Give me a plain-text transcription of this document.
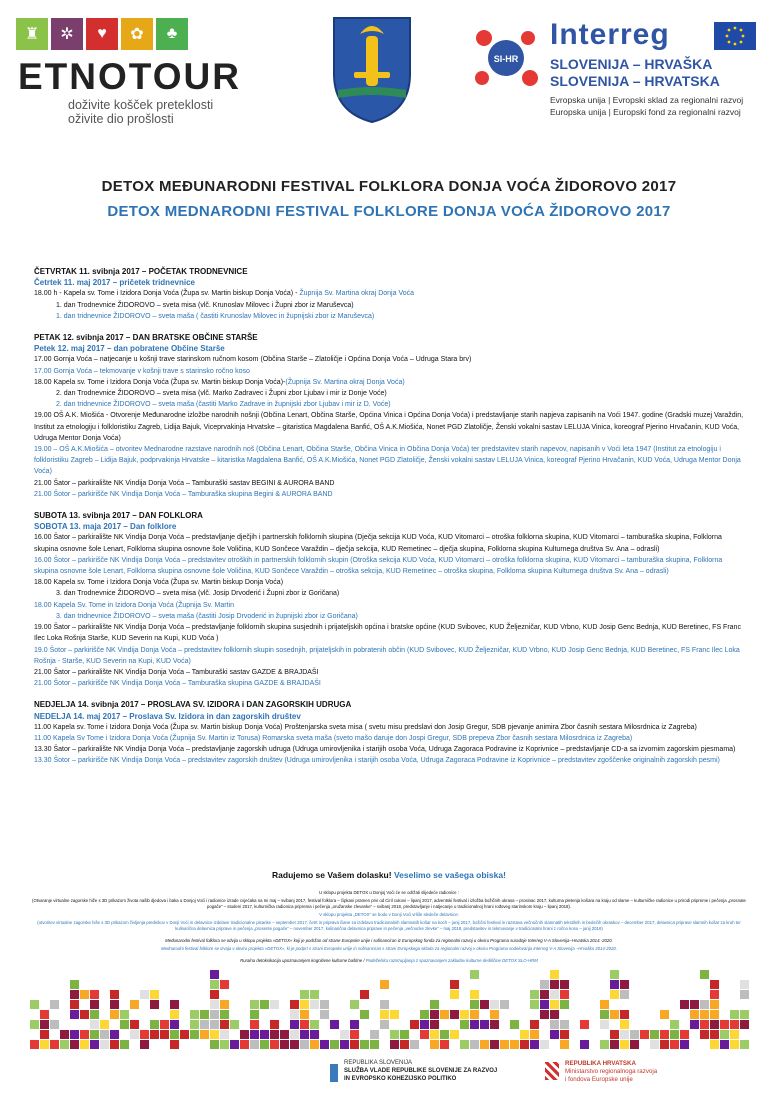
♜	✲	♥	✿	♣
ETNOTOUR
doživite košček preteklosti
oživite dio prošlosti
SI-HR
Interreg
SLOVENIJA – HRVAŠKA
SLOVENIJA – HRVATSKA
Evropska unija | Evropski sklad za regionalni razvoj
Europska unija | Europski fond za regionalni razvoj
DETOX MEĐUNARODNI FESTIVAL FOLKLORA DONJA VOĆA ŽIDOROVO 2017
DETOX MEDNARODNI FESTIVAL FOLKLORE DONJA VOĆA ŽIDOROVO 2017

ČETVRTAK 11. svibnja 2017 – POČETAK TRODNEVNICE

Četrtek 11. maj 2017 – pričetek tridnevnice

18.00 h - Kapela sv. Tome i Izidora Donja Voća (Župa sv. Martin biskup Donja Voća) - Župnija Sv. Martina okraj Donja Voća

1. dan Trodnevnice ŽIDOROVO – sveta misa (vlč. Krunoslav Milovec i Župni zbor iz Maruševca)

1. dan tridnevnice ŽIDOROVO – sveta maša ( častiti Krunoslav Milovec in župnijski zbor iz Maruševca)

PETAK 12. svibnja 2017 – DAN BRATSKE OBČINE STARŠE

Petek 12. maj 2017 – dan pobratene Občine Starše

17.00 Gornja Voća – natjecanje u košnji trave starinskom ručnom kosom (Občina Starše – Zlatoličje i Općina Donja Voća – Udruga Stara brv)

17.00 Gornja Voća – tekmovanje v košnji trave s starinsko ročno koso

18.00 Kapela sv. Tome i Izidora Donja Voća (Župa sv. Martin biskup Donja Voća)-(Župnija Sv. Martina okraj Donja Voća)

2. dan Trodnevnice ŽIDOROVO – sveta misa (vlč. Marko Zadravec i Župni zbor Ljubav i mir iz Donje Voće)

2. dan tridnevnice ŽIDOROVO – sveta maša (častiti Marko Zadrave in župnijski zbor Ljubav i mir iz D. Voće)

19.00 OŠ A.K. Miošića - Otvorenje Međunarodne izložbe narodnih nošnji (Občina Lenart, Občina Starše, Općina Vinica i Općina Donja Voća) i predstavljanje starih napjeva zapisanih na Voći 1947. godine (Gradski muzej Varaždin, Institut za etnologiju i folkloristiku Zagreb, Lidija Bajuk, Viceprvakinja Hrvatske – gitaristica Magdalena Banfić, OŠ A.K.Miošića, Nonet PGD Zlatoličje, Ženski vokalni sastav LELUJA Vinica, koreograf Pjerino Hrvačanin, KUD Voća, Udruga Mentor Donja Voća)

19.00 – OŠ A.K.Miošića – otvoritev Mednarodne razstave narodnih noš (Občina Lenart, Občina Starše, Občina Vinica in Občina Donja Voća) ter predstavitev starih napevov, napisanih v Voći leta 1947 (Institut za etnologiju i folkloristiku Zagreb – Lidija Bajuk, podprvakinja Hrvatske – kitaristka Magdalena Banfić, OŠ A.K.Miošića, Nonet PGD Zlatoličje, Ženski vokalni sastav LELUJA Vinica, koreograf Pjerino Hrvačanin, KUD Voća, Udruga Mentor Donja Voća)

21.00 Šator – parkiralište NK Vindija Donja Voća – Tamburaški sastav BEGINI & AURORA BAND

21.00 Šotor – parkirišče NK Vindija Donja Voća – Tamburaška skupina Begini & AURORA BAND

SUBOTA 13. svibnja 2017 – DAN FOLKLORA

SOBOTA 13. maja 2017 – Dan folklore

16.00 Šator – parkiralište NK Vindija Donja Voća – predstavljanje dječjih i partnerskih folklornih skupina (Dječja sekcija KUD Voća, KUD Vitomarci – otroška folklorna skupina, KUD Vitomarci – tamburaška skupina, Folklorna skupina osnovne šole Lenart, Folklorna skupina osnovne šole Voličina, KUD Sončece Varaždin – dječja sekcija, KUD Remetinec – dječja skupina, Folklorna skupina Kulturnega društva Sv. Ana – odrasli)

16.00 Šotor – parkirišče NK Vindija Donja Voća – predstavitev otroških in partnerskih folklornih skupin (Otroška sekcija KUD Voća, KUD Vitomarci – otroška folklorna skupina, KUD Vitomarci – tamburaška skupina, Folklorna skupina osnovne šole Lenart, Folklorna skupina osnovne šole Voličina, KUD Sončece Varaždin – otroška sekcija, KUD Remetinec – otroška skupina, Folklorna skupina Kulturnega društva Sv. Ana – odrasli)

18.00 Kapela sv. Tome i Izidora Donja Voća (Župa sv. Martin biskup Donja Voća)

3. dan Trodnevnice ŽIDOROVO – sveta misa (vlč. Josip Drvoderić i Župni zbor iz Goričana)

18.00 Kapela Sv. Tome in Izidora Donja Voća (Župnija Sv. Martin

3. dan tridnevnice ŽIDOROVO – sveta maša (častiti Josip Drvoderić in župnijski zbor iz Goričana)

19.00 Šator – parkiralište NK Vindija Donja Voća – predstavljanje folklornih skupina susjednih i prijateljskih općina i bratske općine (KUD Svibovec, KUD Željezničar, KUD Vrbno, KUD Josip Genc Bednja, KUD Beretinec, FS Franc Ilec Loka Rošnja Starše, KUD Severin na Kupi, KUD Voća )

19.0 Šotor – parkirišče NK Vindija Donja Voća – predstavitev folklornih skupin sosednjih, prijateljskih in pobratenih občin (KUD Svibovec, KUD Željezničar, KUD Vrbno, KUD Josip Genc Bednja, KUD Beretinec, FS Franc Ilec Loka Rošnja - Starše, KUD Severin na Kupi, KUD Voća)

21.00 Šator – parkiralište NK Vindija Donja Voća – Tamburaški sastav GAZDE & BRAJDAŠI

21.00 Šotor – parkirišče NK Vindija Donja Voća – Tamburaška skupina GAZDE & BRAJDAŠI

NEDJELJA 14. svibnja 2017 – PROSLAVA SV. IZIDORA i DAN ZAGORSKIH UDRUGA

NEDELJA 14. maj 2017 – Proslava Sv. Izidora in dan zagorskih društev

11.00 Kapela sv. Tome i Izidora Donja Voća (Župa sv. Martin biskup Donja Voća) Proštenjarska sveta misa ( svetu misu predslavi don Josip Gregur, SDB pjevanje animira Zbor časnih sestara Milosrdnica iz Zagreba)

11.00 Kapela Sv Tome i Izidora Donja Voća (Župnija Sv. Martin iz Torusa) Romarska sveta maša (sveto mašo daruje don Jospi Gregur, SDB prepeva Zbor časnih sestara Milosrdnica iz Zagreba)

13.30 Šator – parkiralište NK Vindija Donja Voća – predstavljanje zagorskih udruga (Udruga umirovljenika i starijih osoba Voća, Udruga Zagoraca Podravine iz Koprivnice – predstavljanje CD-a sa izvornim zagorskim pjesmama)

13.30 Šotor – parkirišče NK Vindija Donja Voća – predstavitev zagorskih društev (Udruga umirovljenika i starijih osoba Voća, Udruga Zagoraca Podravine iz Koprivnice – predstavitev zgoščenke originalnih zagorskih pesmi)

Radujemo se Vašem dolasku! Veselimo se vašega obiska!
U sklopu projekta DETOX u Donjoj Voći će se održati slijedeće radionice :
(Otvaranje virtualne zagorske hiže s 3D prikazom života našib djedova i baka u Donjoj Voći i radionice izrade cvjećaka na Ini maj – svibanj 2017, festival folklora – čipkani pramen prvi od Ciril cukovi – lipanj 2017, adventski festival i izložba božičnih ukrasa – prosinac 2017, kulturna pletenja košara na kraju od slame – kulturničke radionice u prirodi pripreme i pečenja „prosnate pogače“ – studeni 2017, kulturnička radionica priprema i pečenja „oružanske zlevanke“ – svibanj 2018, predstavljanje i natjecanje u tradicionalnoj hrani rođoveg starinskom kraju – lipanj 2018).
V sklopu projekta „DETOX“ se bodo v Donji Voći vršile sledeče delavnice:
(otvoritev virtualne zagorske hiše s 3D prikazom življenja prednikov v Donji Voći in delavnice izdelave tradicionalne pisanke – september 2017, četrt in priprava čiane za izdelavo tradicionalnih slamnatih košar na koch – junij 2017, božični festival in razstava večnočnih slamnatih tekstilnih in bedečih okraskov – december 2017, delavnica priprave slamnih košar za kruh ter kulinarična delavnica priprave in pečenja „prosente pogače“ – november 2017, kulinarična delavnica priprave in pečenja „večnocke zlevke“ – maj 2018, predstavitev in tekmovanje v tradicionalni hrani z ročno koso – junij 2018)
Međunarodni festival folklora se odvija u sklopu projekta »DETOX« koji je podržan od strane Europske unije i sufinanciran iz Europskog fonda za regionalni razvoj u okviru Programa suradnje Interreg V-A Slovenija–Hrvatska 2014.-2020.
Mednarodni festival folklore se izvaja v okviru projekta »DETOX«, ki je podprt s strani Evropske unije in sofinanciran s strani Evropskega sklada za regionalni razvoj v okviru Programa sodelovanja Interreg V-A Slovenija –Hrvaška 2014-2020.
Ruralna detoksikacija upoznavanjem kognitivne kulturne baštine / Podeželska razstrupljanja z spoznavanjem zakladov kulturne dediščine DETOX SLO-HRM
REPUBLIKA SLOVENIJA
SLUŽBA VLADE REPUBLIKE SLOVENIJE ZA RAZVOJ
IN EVROPSKO KOHEZIJSKO POLITIKO
REPUBLIKA HRVATSKA
Ministarstvo regionalnoga razvoja
i fondova Europske unije
